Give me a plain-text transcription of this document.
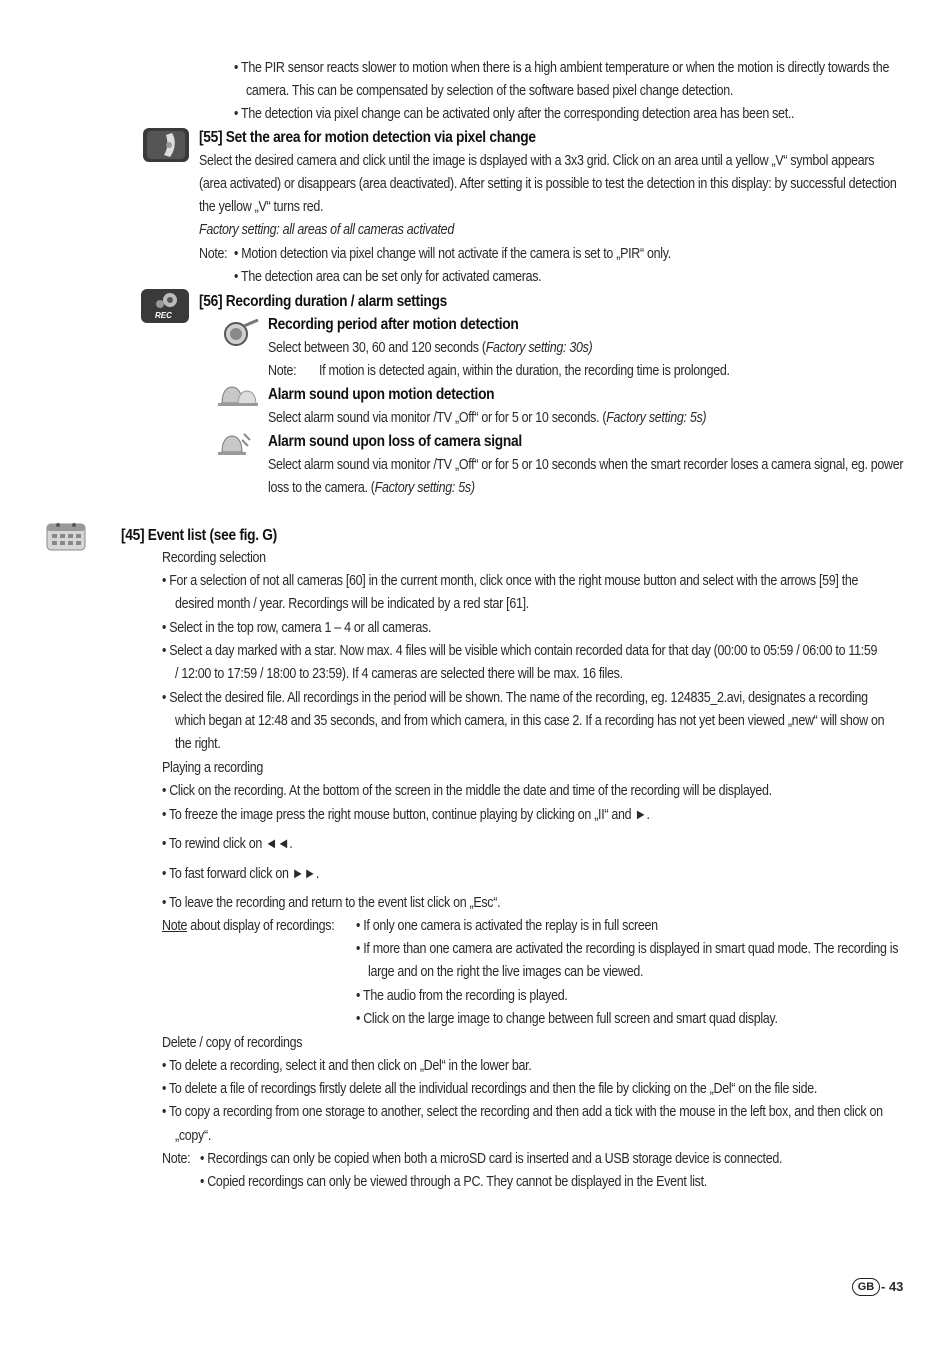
• The PIR sensor reacts slower to motion when there is a high ambient temperature or when the motion is directly towards the
camera. This can be compensated by selection of the software based pixel change detection.
• The detection via pixel change can be activated only after the corresponding detection area has been set..
[55] Set the area for motion detection via pixel change
Select the desired camera and click until the image is dsplayed with a 3x3 grid. Click on an area until a yellow „V“ symbol appears
(area activated) or disappears (area deactivated). After setting it is possible to test the detection in this display: by successful detection
the yellow „V“ turns red.
Factory setting: all areas of all cameras activated
Note: • Motion detection via pixel change will not activate if the camera is set to „PIR“ only.
• The detection area can be set only for activated cameras.
REC
[56] Recording duration / alarm settings
Recording period after motion detection
Select between 30, 60 and 120 seconds (Factory setting: 30s)
Note:	If motion is detected again, within the duration, the recording time is prolonged.
Alarm sound upon motion detection
Select alarm sound via monitor /TV „Off“ or for 5 or 10 seconds. (Factory setting: 5s)
Alarm sound upon loss of camera signal
Select alarm sound via monitor /TV „Off“ or for 5 or 10 seconds when the smart recorder loses a camera signal, eg. power
loss to the camera. (Factory setting: 5s)
[45] Event list (see fig. G)
Recording selection
• For a selection of not all cameras [60] in the current month, click once with the right mouse button and select with the arrows [59] the
desired month / year. Recordings will be indicated by a red star [61].
• Select in the top row, camera 1 – 4 or all cameras.
• Select a day marked with a star. Now max. 4 files will be visible which contain recorded data for that day (00:00 to 05:59 / 06:00 to 11:59
/ 12:00 to 17:59 / 18:00 to 23:59). If 4 cameras are selected there will be max. 16 files.
• Select the desired file. All recordings in the period will be shown. The name of the recording, eg. 124835_2.avi, designates a recording
which began at 12:48 and 35 seconds, and from which camera, in this case 2. If a recording has not yet been viewed „new“ will show on
the right.
Playing a recording
• Click on the recording. At the bottom of the screen in the middle the date and time of the recording will be displayed.
• To freeze the image press the right mouse button, continue playing by clicking on „II“ and ►.
• To rewind click on ◄◄.
• To fast forward click on ►►.
• To leave the recording and return to the event list click on „Esc“.
Note about display of recordings:	• If only one camera is activated the replay is in full screen
• If more than one camera are activated the recording is displayed in smart quad mode. The recording is
large and on the right the live images can be viewed.
• The audio from the recording is played.
• Click on the large image to change between full screen and smart quad display.
Delete / copy of recordings
• To delete a recording, select it and then click on „Del“ in the lower bar.
• To delete a file of recordings firstly delete all the individual recordings and then the file by clicking on the „Del“ on the file side.
• To copy a recording from one storage to another, select the recording and then add a tick with the mouse in the left box, and then click on
„copy“.
Note: • Recordings can only be copied when both a microSD card is inserted and a USB storage device is connected.
• Copied recordings can only be viewed through a PC. They cannot be displayed in the Event list.
GB - 43
